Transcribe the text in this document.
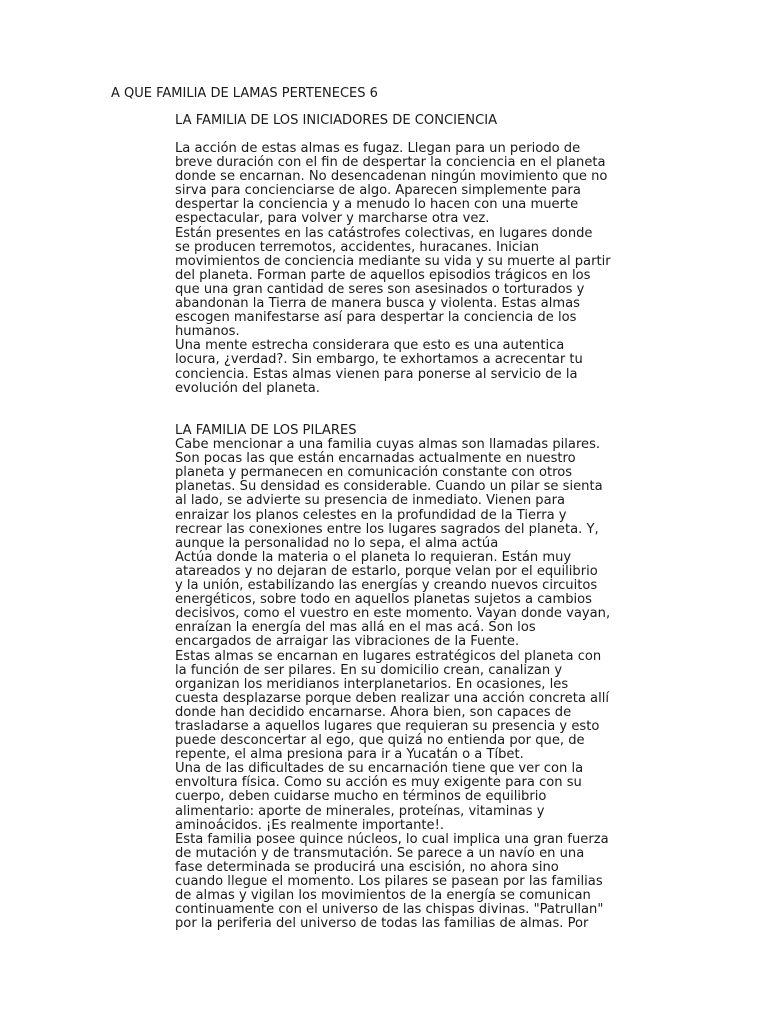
A QUE FAMILIA DE LAMAS PERTENECES 6
LA FAMILIA DE LOS INICIADORES DE CONCIENCIA
La acción de estas almas es fugaz. Llegan para un periodo de
breve duración con el fin de despertar la conciencia en el planeta
donde se encarnan. No desencadenan ningún movimiento que no
sirva para concienciarse de algo. Aparecen simplemente para
despertar la conciencia y a menudo lo hacen con una muerte
espectacular, para volver y marcharse otra vez.
Están presentes en las catástrofes colectivas, en lugares donde
se producen terremotos, accidentes, huracanes. Inician
movimientos de conciencia mediante su vida y su muerte al partir
del planeta. Forman parte de aquellos episodios trágicos en los
que una gran cantidad de seres son asesinados o torturados y
abandonan la Tierra de manera busca y violenta. Estas almas
escogen manifestarse así para despertar la conciencia de los
humanos.
Una mente estrecha considerara que esto es una autentica
locura, ¿verdad?. Sin embargo, te exhortamos a acrecentar tu
conciencia. Estas almas vienen para ponerse al servicio de la
evolución del planeta.
LA FAMILIA DE LOS PILARES
Cabe mencionar a una familia cuyas almas son llamadas pilares.
Son pocas las que están encarnadas actualmente en nuestro
planeta y permanecen en comunicación constante con otros
planetas. Su densidad es considerable. Cuando un pilar se sienta
al lado, se advierte su presencia de inmediato. Vienen para
enraizar los planos celestes en la profundidad de la Tierra y
recrear las conexiones entre los lugares sagrados del planeta. Y,
aunque la personalidad no lo sepa, el alma actúa
Actúa donde la materia o el planeta lo requieran. Están muy
atareados y no dejaran de estarlo, porque velan por el equilibrio
y la unión, estabilizando las energías y creando nuevos circuitos
energéticos, sobre todo en aquellos planetas sujetos a cambios
decisivos, como el vuestro en este momento. Vayan donde vayan,
enraízan la energía del mas allá en el mas acá. Son los
encargados de arraigar las vibraciones de la Fuente.
Estas almas se encarnan en lugares estratégicos del planeta con
la función de ser pilares. En su domicilio crean, canalizan y
organizan los meridianos interplanetarios. En ocasiones, les
cuesta desplazarse porque deben realizar una acción concreta allí
donde han decidido encarnarse. Ahora bien, son capaces de
trasladarse a aquellos lugares que requieran su presencia y esto
puede desconcertar al ego, que quizá no entienda por que, de
repente, el alma presiona para ir a Yucatán o a Tíbet.
Una de las dificultades de su encarnación tiene que ver con la
envoltura física. Como su acción es muy exigente para con su
cuerpo, deben cuidarse mucho en términos de equilibrio
alimentario: aporte de minerales, proteínas, vitaminas y
aminoácidos. ¡Es realmente importante!.
Esta familia posee quince núcleos, lo cual implica una gran fuerza
de mutación y de transmutación. Se parece a un navío en una
fase determinada se producirá una escisión, no ahora sino
cuando llegue el momento. Los pilares se pasean por las familias
de almas y vigilan los movimientos de la energía se comunican
continuamente con el universo de las chispas divinas. "Patrullan"
por la periferia del universo de todas las familias de almas. Por
